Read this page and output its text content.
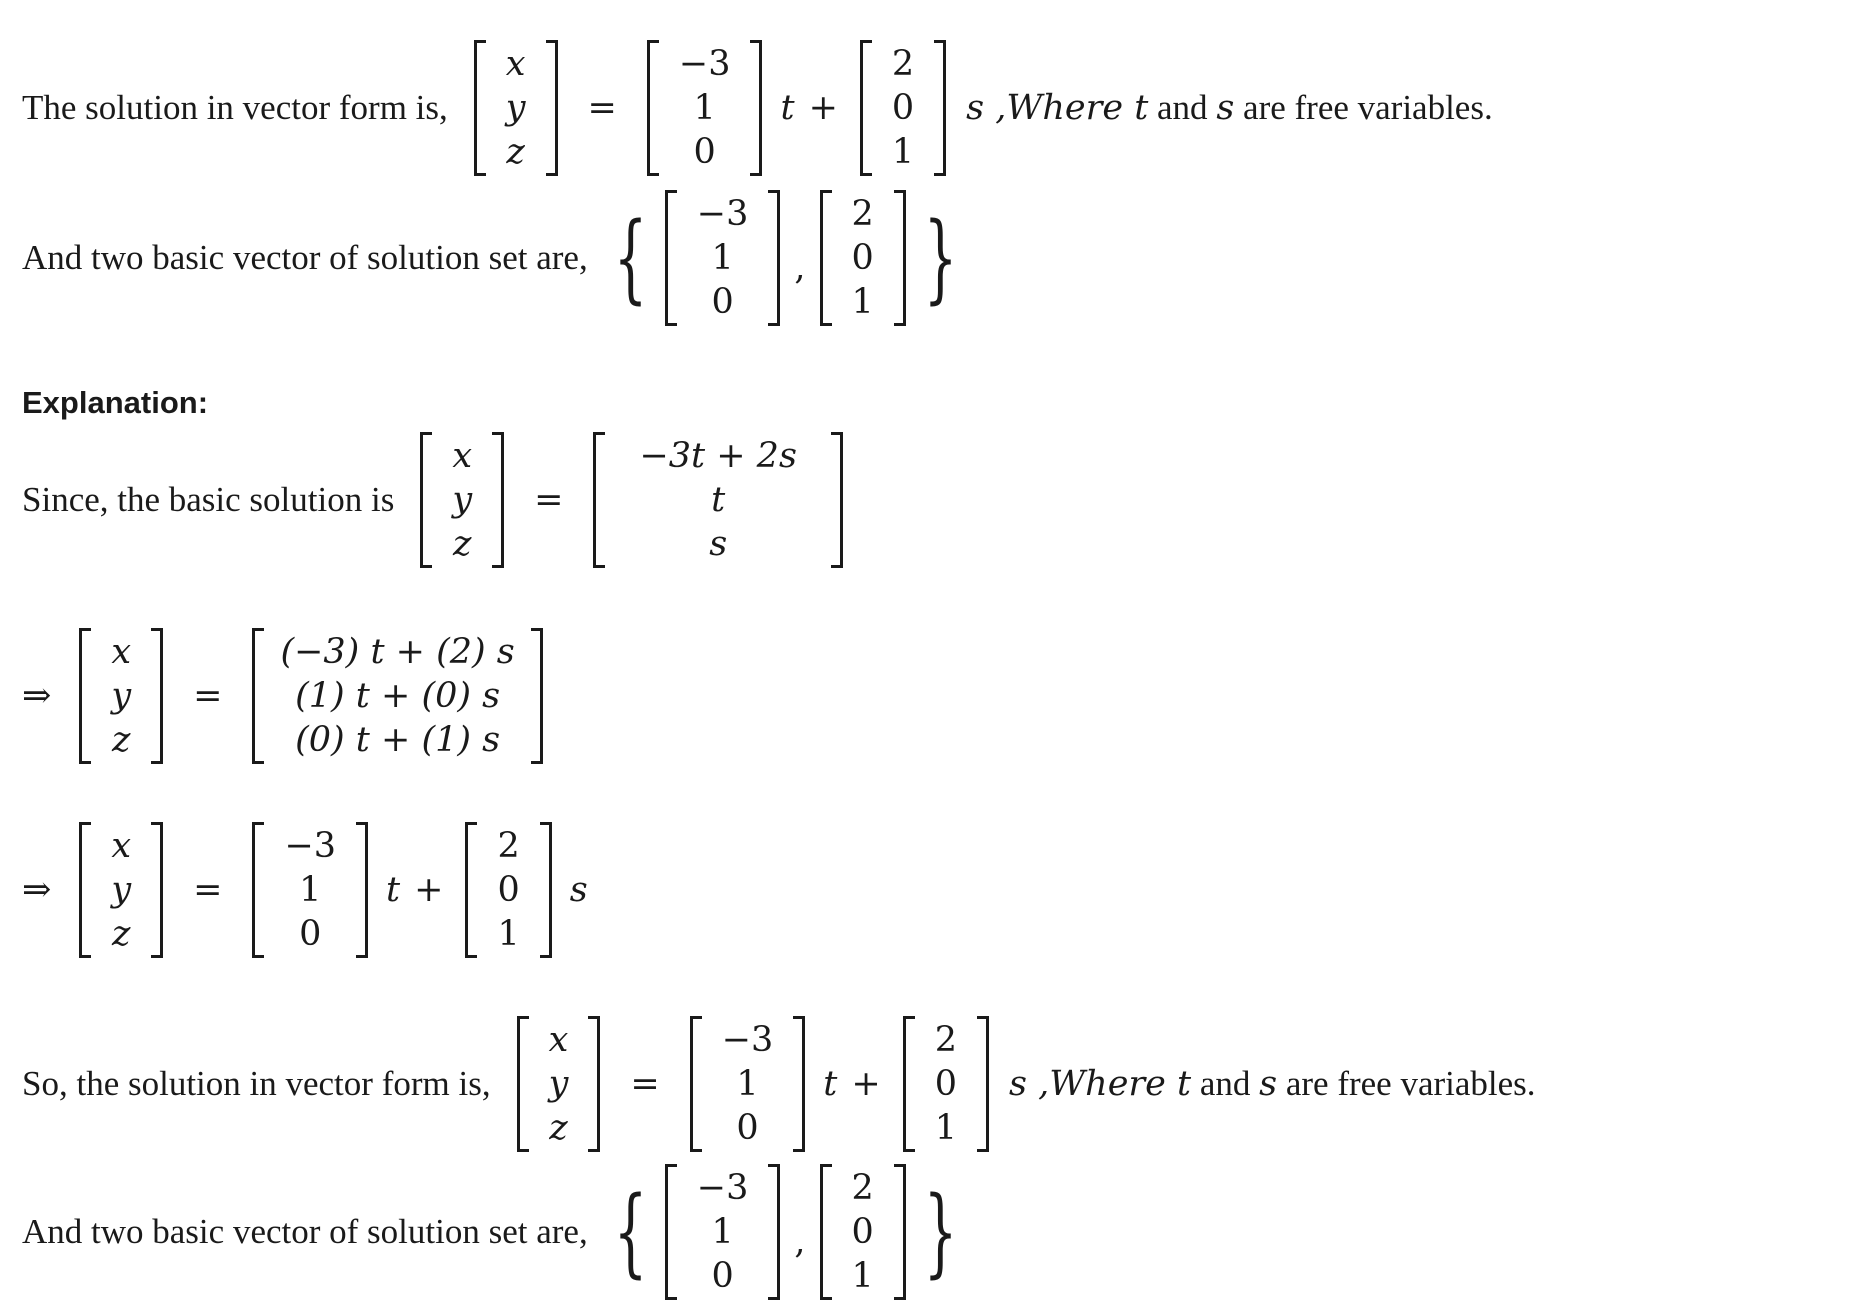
The solution in vector form is,
x
y
z
=
−3
1
0
t +
2
0
1
s ,Where t and s are free variables.
And two basic vector of solution set are, { −3
1
0
,
2
0
1 }
Explanation:
Since, the basic solution is
x
y
z
=
−3t + 2s
t
s
⇒
x
y
z
=
(−3) t + (2) s
(1) t + (0) s
(0) t + (1) s
⇒
x
y
z
=
−3
1
0
t +
2
0
1
s
So, the solution in vector form is,
x
y
z
=
−3
1
0
t +
2
0
1
s ,Where t and s are free variables.
And two basic vector of solution set are, { −3
1
0
,
2
0
1 }
